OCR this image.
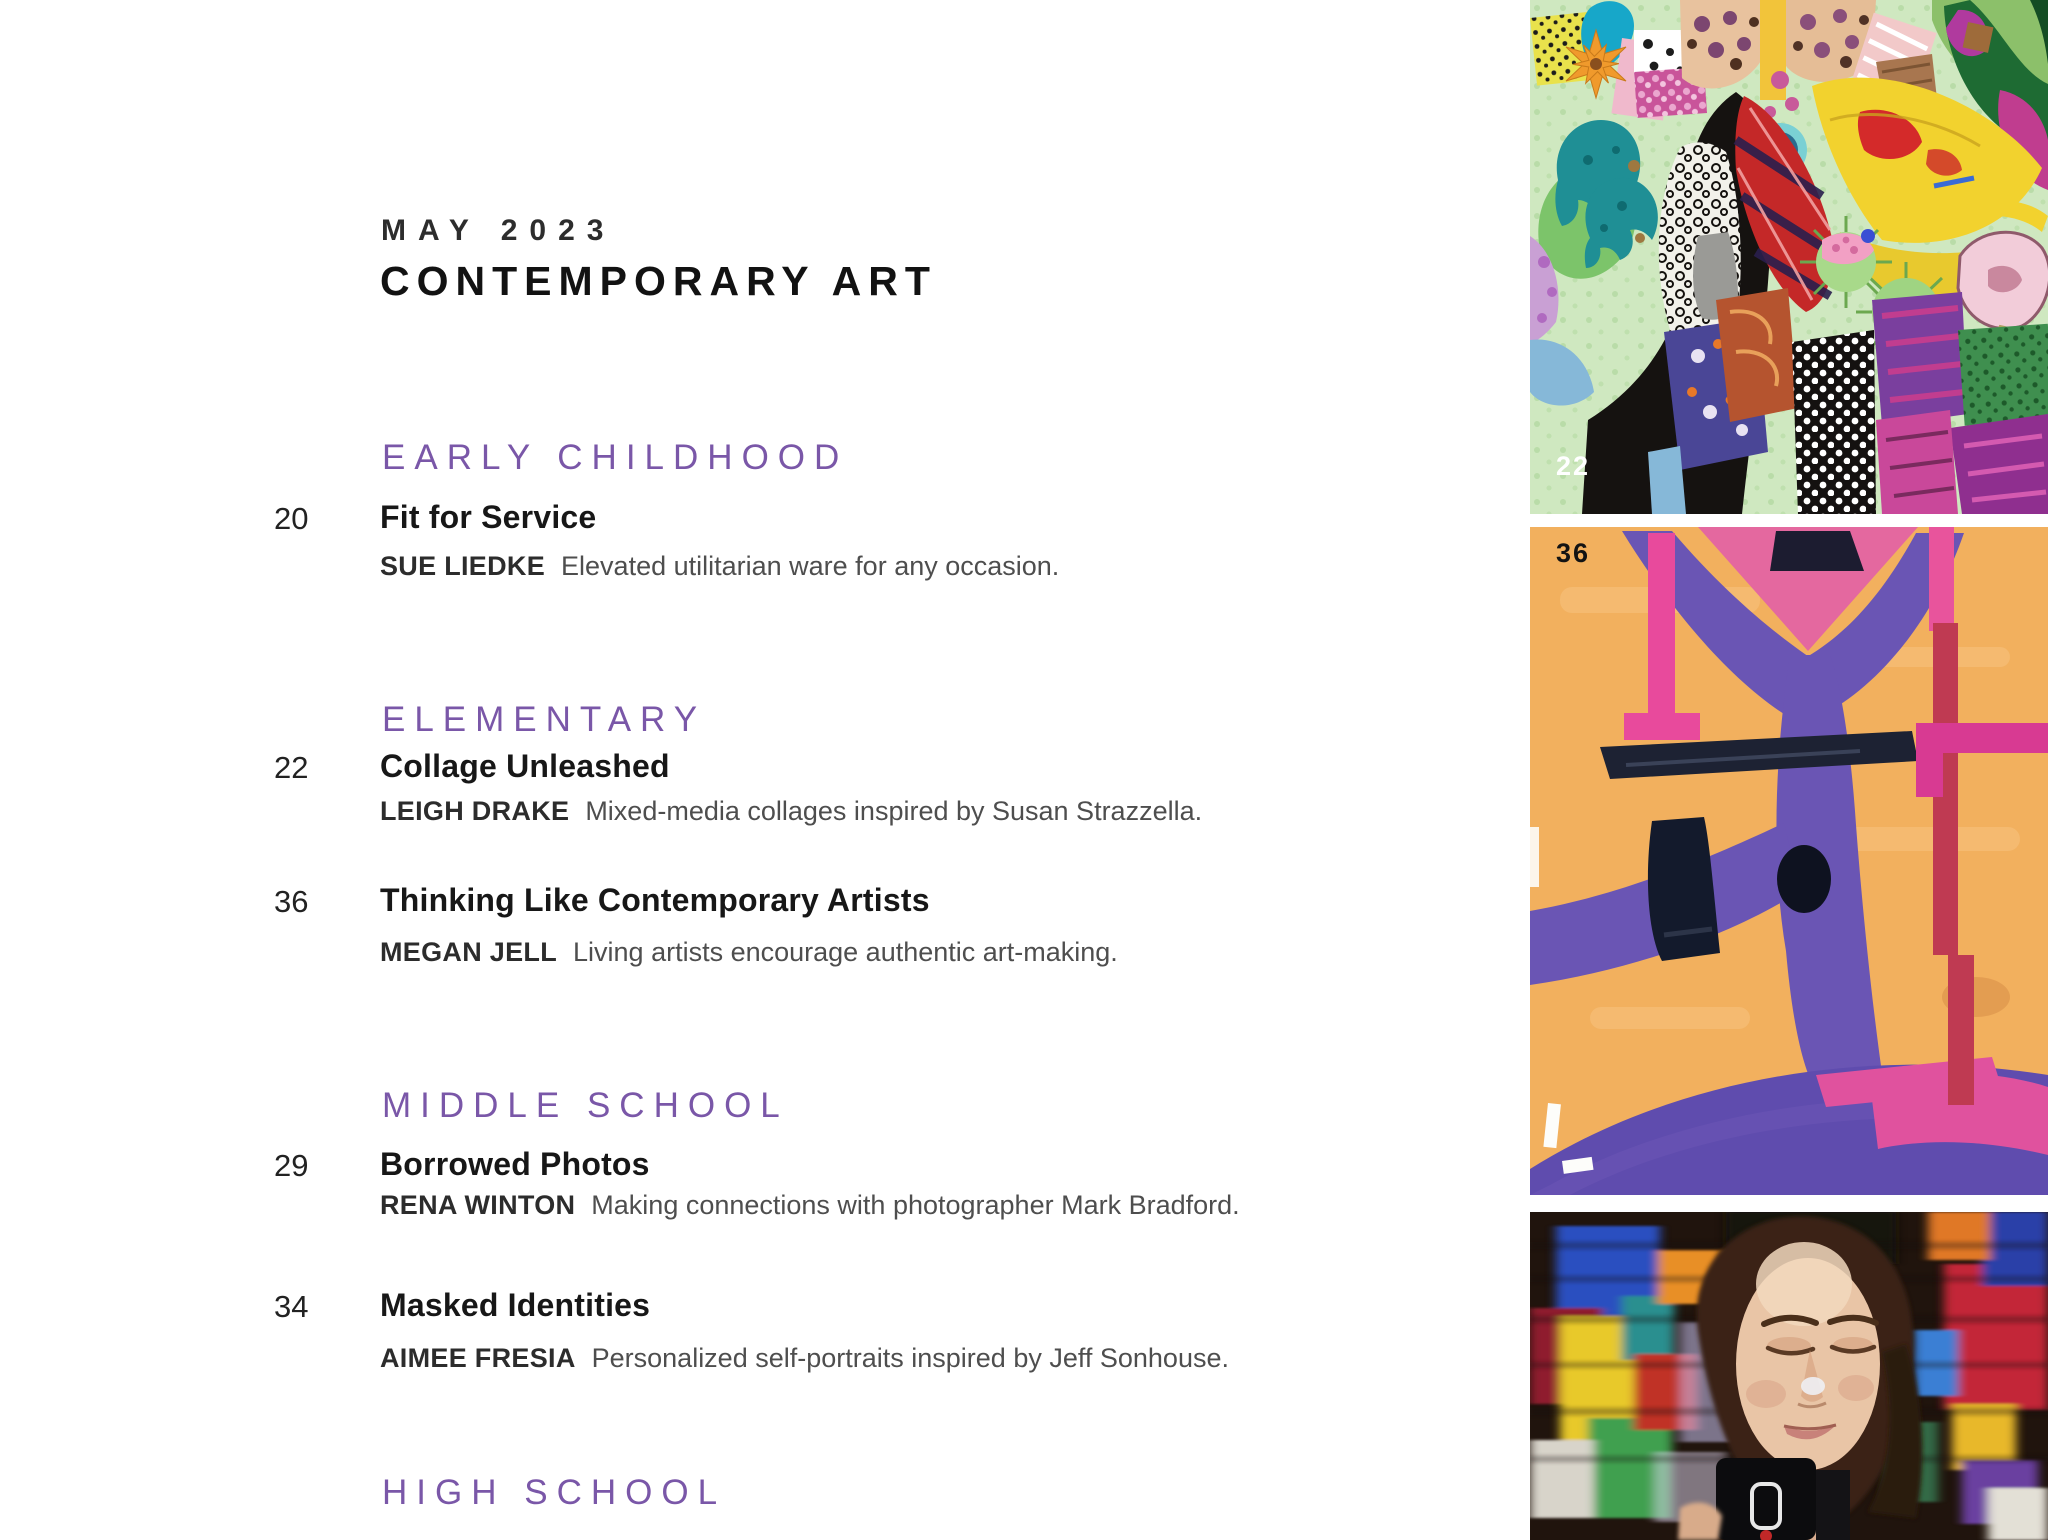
MAY 2023
CONTEMPORARY ART
EARLY CHILDHOOD
20 Fit for Service
SUE LIEDKE Elevated utilitarian ware for any occasion.
ELEMENTARY
22 Collage Unleashed
LEIGH DRAKE Mixed-media collages inspired by Susan Strazzella.
36 Thinking Like Contemporary Artists
MEGAN JELL Living artists encourage authentic art-making.
MIDDLE SCHOOL
29 Borrowed Photos
RENA WINTON Making connections with photographer Mark Bradford.
34 Masked Identities
AIMEE FRESIA Personalized self-portraits inspired by Jeff Sonhouse.
HIGH SCHOOL
22
36
